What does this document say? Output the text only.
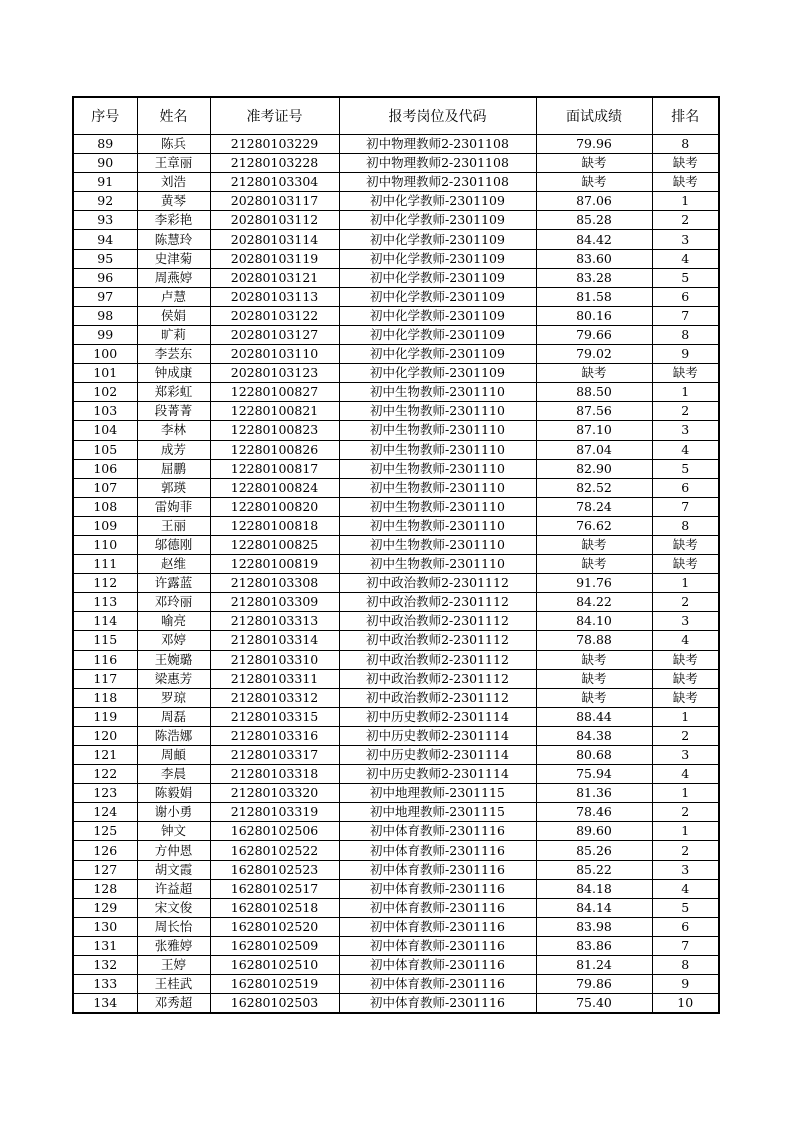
序号	姓名	准考证号	报考岗位及代码	面试成绩	排名
89	陈兵	21280103229	初中物理教师2-2301108	79.96	8
90	王章丽	21280103228	初中物理教师2-2301108	缺考	缺考
91	刘浩	21280103304	初中物理教师2-2301108	缺考	缺考
92	黄琴	20280103117	初中化学教师-2301109	87.06	1
93	李彩艳	20280103112	初中化学教师-2301109	85.28	2
94	陈慧玲	20280103114	初中化学教师-2301109	84.42	3
95	史津菊	20280103119	初中化学教师-2301109	83.60	4
96	周燕婷	20280103121	初中化学教师-2301109	83.28	5
97	卢慧	20280103113	初中化学教师-2301109	81.58	6
98	侯娟	20280103122	初中化学教师-2301109	80.16	7
99	旷莉	20280103127	初中化学教师-2301109	79.66	8
100	李芸东	20280103110	初中化学教师-2301109	79.02	9
101	钟成康	20280103123	初中化学教师-2301109	缺考	缺考
102	郑彩虹	12280100827	初中生物教师-2301110	88.50	1
103	段菁菁	12280100821	初中生物教师-2301110	87.56	2
104	李林	12280100823	初中生物教师-2301110	87.10	3
105	成芳	12280100826	初中生物教师-2301110	87.04	4
106	屈鹏	12280100817	初中生物教师-2301110	82.90	5
107	郭瑛	12280100824	初中生物教师-2301110	82.52	6
108	雷姁菲	12280100820	初中生物教师-2301110	78.24	7
109	王丽	12280100818	初中生物教师-2301110	76.62	8
110	邬德刚	12280100825	初中生物教师-2301110	缺考	缺考
111	赵维	12280100819	初中生物教师-2301110	缺考	缺考
112	许露蓝	21280103308	初中政治教师2-2301112	91.76	1
113	邓玲丽	21280103309	初中政治教师2-2301112	84.22	2
114	喻亮	21280103313	初中政治教师2-2301112	84.10	3
115	邓婷	21280103314	初中政治教师2-2301112	78.88	4
116	王婉璐	21280103310	初中政治教师2-2301112	缺考	缺考
117	梁惠芳	21280103311	初中政治教师2-2301112	缺考	缺考
118	罗琼	21280103312	初中政治教师2-2301112	缺考	缺考
119	周磊	21280103315	初中历史教师2-2301114	88.44	1
120	陈浩娜	21280103316	初中历史教师2-2301114	84.38	2
121	周頔	21280103317	初中历史教师2-2301114	80.68	3
122	李晨	21280103318	初中历史教师2-2301114	75.94	4
123	陈毅娟	21280103320	初中地理教师-2301115	81.36	1
124	谢小勇	21280103319	初中地理教师-2301115	78.46	2
125	钟文	16280102506	初中体育教师-2301116	89.60	1
126	方仲恩	16280102522	初中体育教师-2301116	85.26	2
127	胡文霞	16280102523	初中体育教师-2301116	85.22	3
128	许益超	16280102517	初中体育教师-2301116	84.18	4
129	宋文俊	16280102518	初中体育教师-2301116	84.14	5
130	周长怡	16280102520	初中体育教师-2301116	83.98	6
131	张雅婷	16280102509	初中体育教师-2301116	83.86	7
132	王婷	16280102510	初中体育教师-2301116	81.24	8
133	王桂武	16280102519	初中体育教师-2301116	79.86	9
134	邓秀超	16280102503	初中体育教师-2301116	75.40	10
